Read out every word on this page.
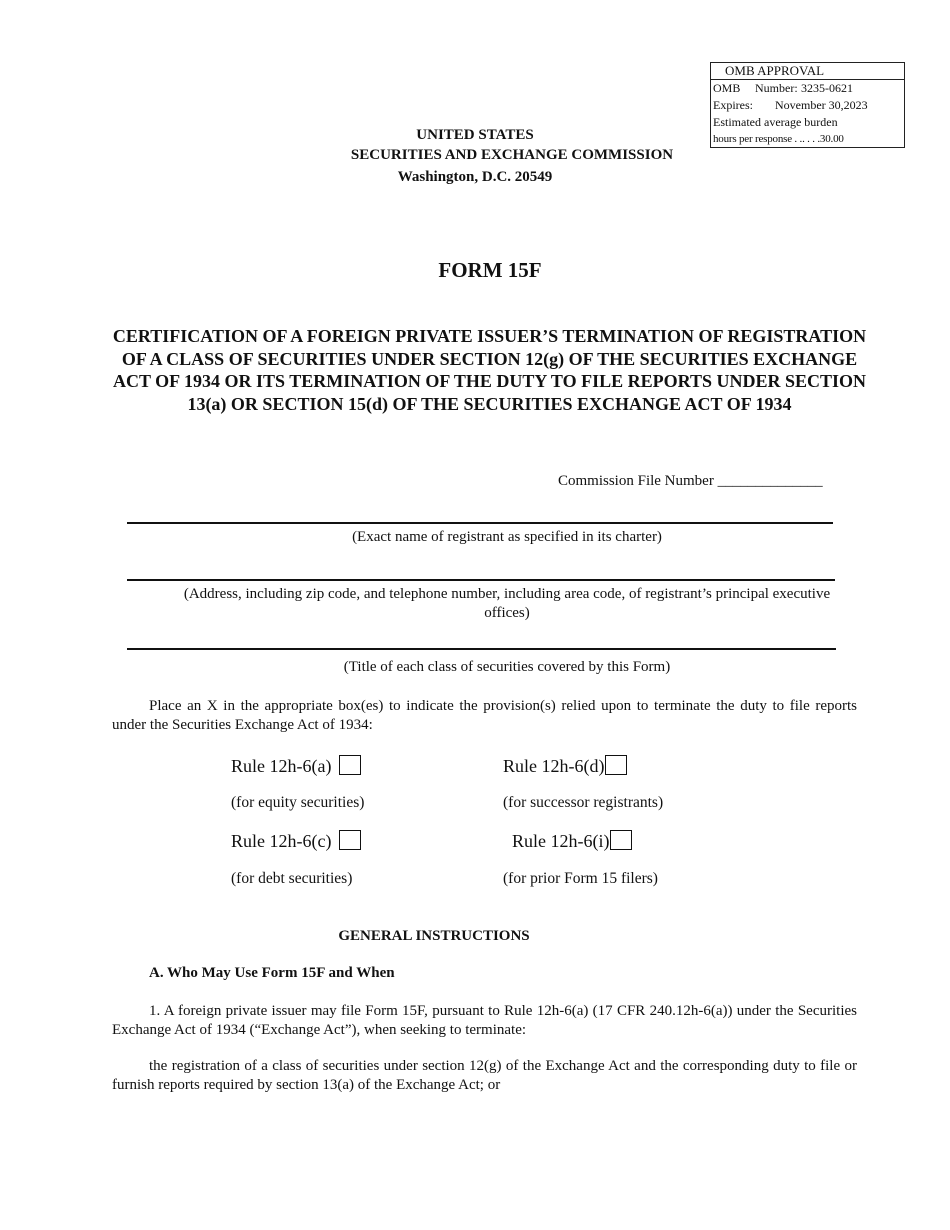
OMB APPROVAL
OMB Number: 3235-0621
Expires: November 30,2023
Estimated average burden
hours per response . .. . . .30.00
UNITED STATES
SECURITIES AND EXCHANGE COMMISSION
Washington, D.C. 20549
FORM 15F
CERTIFICATION OF A FOREIGN PRIVATE ISSUER’S TERMINATION OF REGISTRATION OF A CLASS OF SECURITIES UNDER SECTION 12(g) OF THE SECURITIES EXCHANGE ACT OF 1934 OR ITS TERMINATION OF THE DUTY TO FILE REPORTS UNDER SECTION 13(a) OR SECTION 15(d) OF THE SECURITIES EXCHANGE ACT OF 1934
Commission File Number ______________
(Exact name of registrant as specified in its charter)
(Address, including zip code, and telephone number, including area code, of registrant’s principal executive offices)
(Title of each class of securities covered by this Form)
Place an X in the appropriate box(es) to indicate the provision(s) relied upon to terminate the duty to file reports under the Securities Exchange Act of 1934:
Rule 12h-6(a)
(for equity securities)
Rule 12h-6(d)
(for successor registrants)
Rule 12h-6(c)
(for debt securities)
Rule 12h-6(i)
(for prior Form 15 filers)
GENERAL INSTRUCTIONS
A. Who May Use Form 15F and When
1. A foreign private issuer may file Form 15F, pursuant to Rule 12h-6(a) (17 CFR 240.12h-6(a)) under the Securities Exchange Act of 1934 (“Exchange Act”), when seeking to terminate:
the registration of a class of securities under section 12(g) of the Exchange Act and the corresponding duty to file or furnish reports required by section 13(a) of the Exchange Act; or
